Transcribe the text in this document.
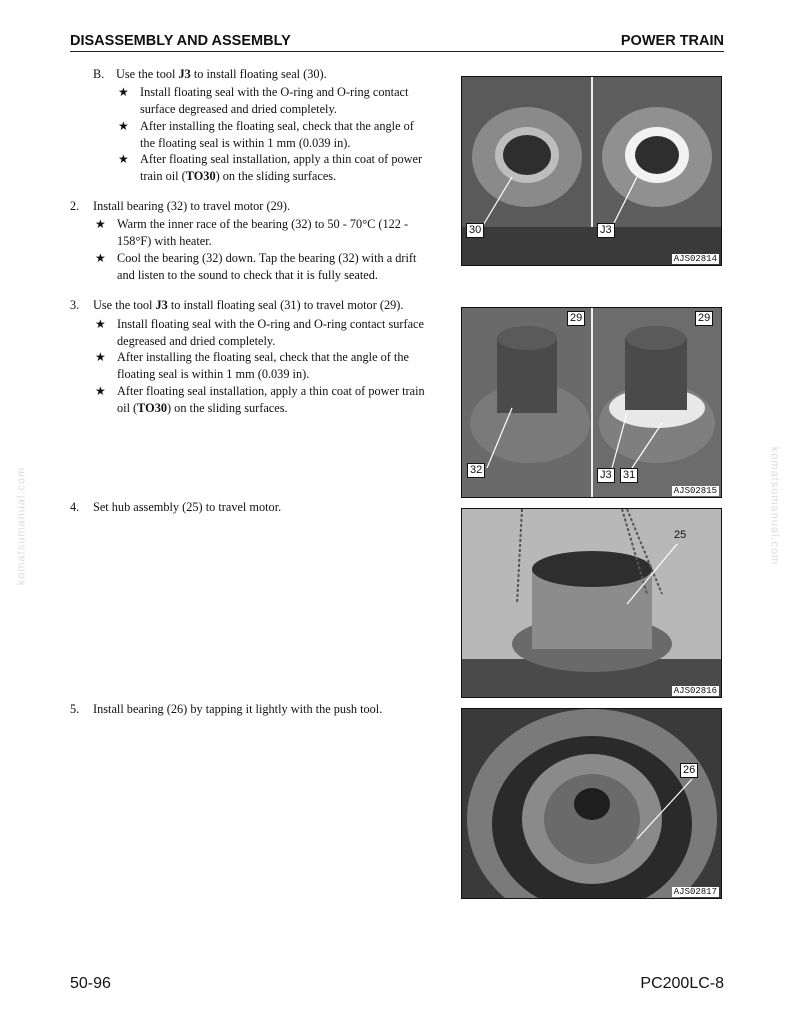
DISASSEMBLY AND ASSEMBLY	POWER TRAIN
B. Use the tool J3 to install floating seal (30).
★ Install floating seal with the O-ring and O-ring contact
surface degreased and dried completely.
★ After installing the floating seal, check that the angle of
the floating seal is within 1 mm (0.039 in).
★ After floating seal installation, apply a thin coat of power
train oil (TO30) on the sliding surfaces.
2. Install bearing (32) to travel motor (29).
★ Warm the inner race of the bearing (32) to 50 - 70°C (122 -
158°F) with heater.
★ Cool the bearing (32) down. Tap the bearing (32) with a drift
and listen to the sound to check that it is fully seated.
3. Use the tool J3 to install floating seal (31) to travel motor (29).
★ Install floating seal with the O-ring and O-ring contact surface
degreased and dried completely.
★ After installing the floating seal, check that the angle of the
floating seal is within 1 mm (0.039 in).
★ After floating seal installation, apply a thin coat of power train
oil (TO30) on the sliding surfaces.
4. Set hub assembly (25) to travel motor.
5. Install bearing (26) by tapping it lightly with the push tool.
30	J3
AJS02814
29	29
32	J3 31
AJS02815
25
AJS02816
26
AJS02817
komatsumanual.com	komatsumanual.com
50-96	PC200LC-8
